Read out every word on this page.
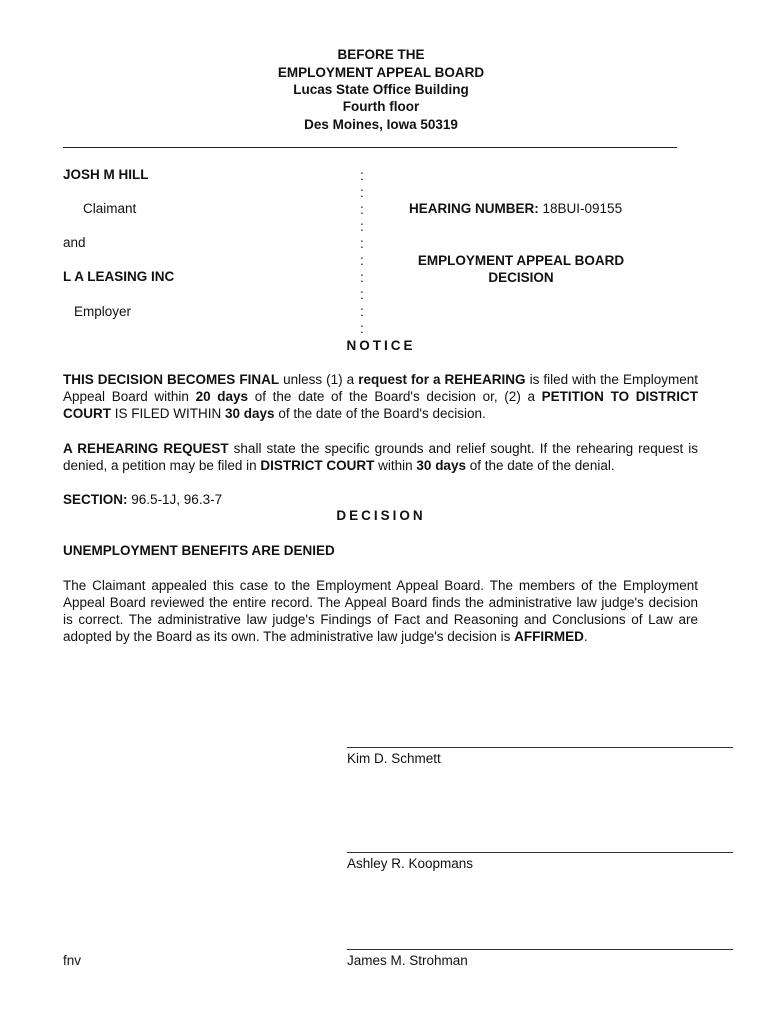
BEFORE THE
EMPLOYMENT APPEAL BOARD
Lucas State Office Building
Fourth floor
Des Moines, Iowa 50319
JOSH M HILL
Claimant
and
L A LEASING INC
Employer
:
:
:
:
:
:
:
:
:
:
HEARING NUMBER: 18BUI-09155
EMPLOYMENT APPEAL BOARD
DECISION
NOTICE
THIS DECISION BECOMES FINAL unless (1) a request for a REHEARING is filed with the Employment Appeal Board within 20 days of the date of the Board's decision or, (2) a PETITION TO DISTRICT COURT IS FILED WITHIN 30 days of the date of the Board's decision.
A REHEARING REQUEST shall state the specific grounds and relief sought. If the rehearing request is denied, a petition may be filed in DISTRICT COURT within 30 days of the date of the denial.
SECTION: 96.5-1J, 96.3-7
DECISION
UNEMPLOYMENT BENEFITS ARE DENIED
The Claimant appealed this case to the Employment Appeal Board. The members of the Employment Appeal Board reviewed the entire record. The Appeal Board finds the administrative law judge's decision is correct. The administrative law judge's Findings of Fact and Reasoning and Conclusions of Law are adopted by the Board as its own. The administrative law judge's decision is AFFIRMED.
Kim D. Schmett
Ashley R. Koopmans
James M. Strohman
fnv
